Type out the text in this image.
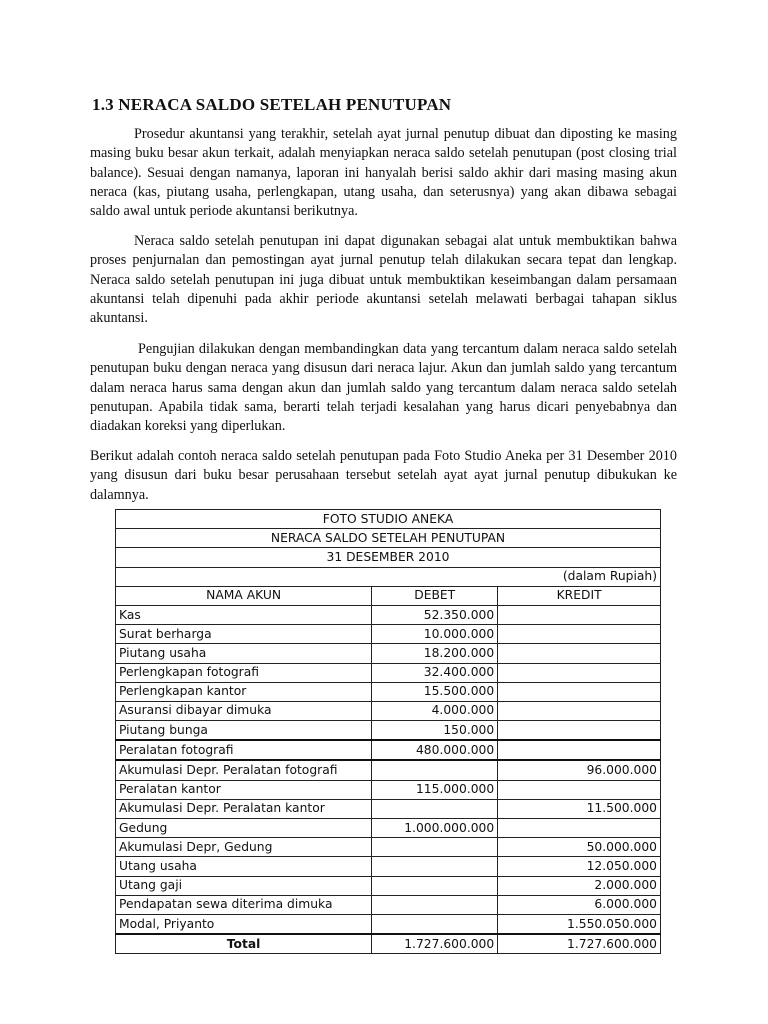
1.3 NERACA SALDO SETELAH PENUTUPAN

Prosedur akuntansi yang terakhir, setelah ayat jurnal penutup dibuat dan diposting ke masing masing buku besar akun terkait, adalah menyiapkan neraca saldo setelah penutupan (post closing trial balance). Sesuai dengan namanya, laporan ini hanyalah berisi saldo akhir dari masing masing akun neraca (kas, piutang usaha, perlengkapan, utang usaha, dan seterusnya) yang akan dibawa sebagai saldo awal untuk periode akuntansi berikutnya.

Neraca saldo setelah penutupan ini dapat digunakan sebagai alat untuk membuktikan bahwa proses penjurnalan dan pemostingan ayat jurnal penutup telah dilakukan secara tepat dan lengkap. Neraca saldo setelah penutupan ini juga dibuat untuk membuktikan keseimbangan dalam persamaan akuntansi telah dipenuhi pada akhir periode akuntansi setelah melawati berbagai tahapan siklus akuntansi.

Pengujian dilakukan dengan membandingkan data yang tercantum dalam neraca saldo setelah penutupan buku dengan neraca yang disusun dari neraca lajur. Akun dan jumlah saldo yang tercantum dalam neraca harus sama dengan akun dan jumlah saldo yang tercantum dalam neraca saldo setelah penutupan. Apabila tidak sama, berarti telah terjadi kesalahan yang harus dicari penyebabnya dan diadakan koreksi yang diperlukan.

Berikut adalah contoh neraca saldo setelah penutupan pada Foto Studio Aneka per 31 Desember 2010 yang disusun dari buku besar perusahaan tersebut setelah ayat ayat jurnal penutup dibukukan ke dalamnya.

FOTO STUDIO ANEKA		
NERACA SALDO SETELAH PENUTUPAN		
31 DESEMBER 2010		
(dalam Rupiah)		
NAMA AKUN	DEBET	KREDIT
Kas	52.350.000	
Surat berharga	10.000.000	
Piutang usaha	18.200.000	
Perlengkapan fotografi	32.400.000	
Perlengkapan kantor	15.500.000	
Asuransi dibayar dimuka	4.000.000	
Piutang bunga	150.000	
Peralatan fotografi	480.000.000	
Akumulasi Depr. Peralatan fotografi		96.000.000
Peralatan kantor	115.000.000	
Akumulasi Depr. Peralatan kantor		11.500.000
Gedung	1.000.000.000	
Akumulasi Depr, Gedung		50.000.000
Utang usaha		12.050.000
Utang gaji		2.000.000
Pendapatan sewa diterima dimuka		6.000.000
Modal, Priyanto		1.550.050.000
Total	1.727.600.000	1.727.600.000
